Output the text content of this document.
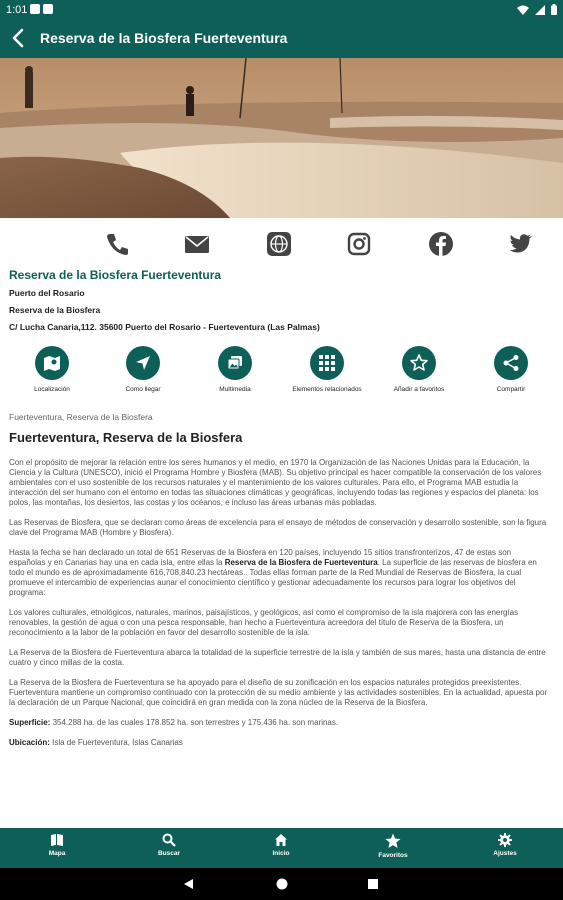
1:01
Reserva de la Biosfera Fuerteventura

Reserva de la Biosfera Fuerteventura

Puerto del Rosario

Reserva de la Biosfera

C/ Lucha Canaria,112. 35600 Puerto del Rosario - Fuerteventura (Las Palmas)

Localización	Como llegar	Multimedia	Elementos relacionados	Añadir a favoritos	Compartir

Fuerteventura, Reserva de la Biosfera

Fuerteventura, Reserva de la Biosfera

Con el propósito de mejorar la relación entre los seres humanos y el medio, en 1970 la Organización de las Naciones Unidas para la Educación, la Ciencia y la Cultura (UNESCO), inició el Programa Hombre y Biosfera (MAB). Su objetivo principal es hacer compatible la conservación de los valores ambientales con el uso sostenible de los recursos naturales y el mantenimiento de los valores culturales. Para ello, el Programa MAB estudia la interacción del ser humano con el entorno en todas las situaciones climáticas y geográficas, incluyendo todas las regiones y espacios del planeta: los polos, las montañas, los desiertos, las costas y los océanos, e incluso las áreas urbanas más pobladas.

Las Reservas de Biosfera, que se declaran como áreas de excelencia para el ensayo de métodos de conservación y desarrollo sostenible, son la figura clave del Programa MAB (Hombre y Biosfera).

Hasta la fecha se han declarado un total de 651 Reservas de la Biosfera en 120 países, incluyendo 15 sitios transfronterizos, 47 de estas son españolas y en Canarias hay una en cada isla, entre ellas la Reserva de la Biosfera de Fuerteventura. La superficie de las reservas de biosfera en todo el mundo es de aproximadamente 616,708,840.23 hectáreas.. Todas ellas forman parte de la Red Mundial de Reservas de Biosfera, la cual promueve el intercambio de experiencias aunar el conocimiento científico y gestionar adecuadamente los recursos para lograr los objetivos del programa:

Los valores culturales, etnológicos, naturales, marinos, paisajísticos, y geológicos, así como el compromiso de la isla majorera con las energías renovables, la gestión de agua o con una pesca responsable, han hecho a Fuerteventura acreedora del título de Reserva de la Biosfera, un reconocimiento a la labor de la población en favor del desarrollo sostenible de la isla.

La Reserva de la Biosfera de Fuerteventura abarca la totalidad de la superficie terrestre de la isla y también de sus mares, hasta una distancia de entre cuatro y cinco millas de la costa.

La Reserva de la Biosfera de Fuerteventura se ha apoyado para el diseño de su zonificación en los espacios naturales protegidos preexistentes. Fuerteventura mantiene un compromiso continuado con la protección de su medio ambiente y las actividades sostenibles. En la actualidad, apuesta por la declaración de un Parque Nacional, que coincidirá en gran medida con la zona núcleo de la Reserva de la Biosfera.

Superficie: 354.288 ha. de las cuales 178.852 ha. son terrestres y 175.436 ha. son marinas.

Ubicación: Isla de Fuerteventura, Islas Canarias

Mapa	Buscar	Inicio	Favoritos	Ajustes
